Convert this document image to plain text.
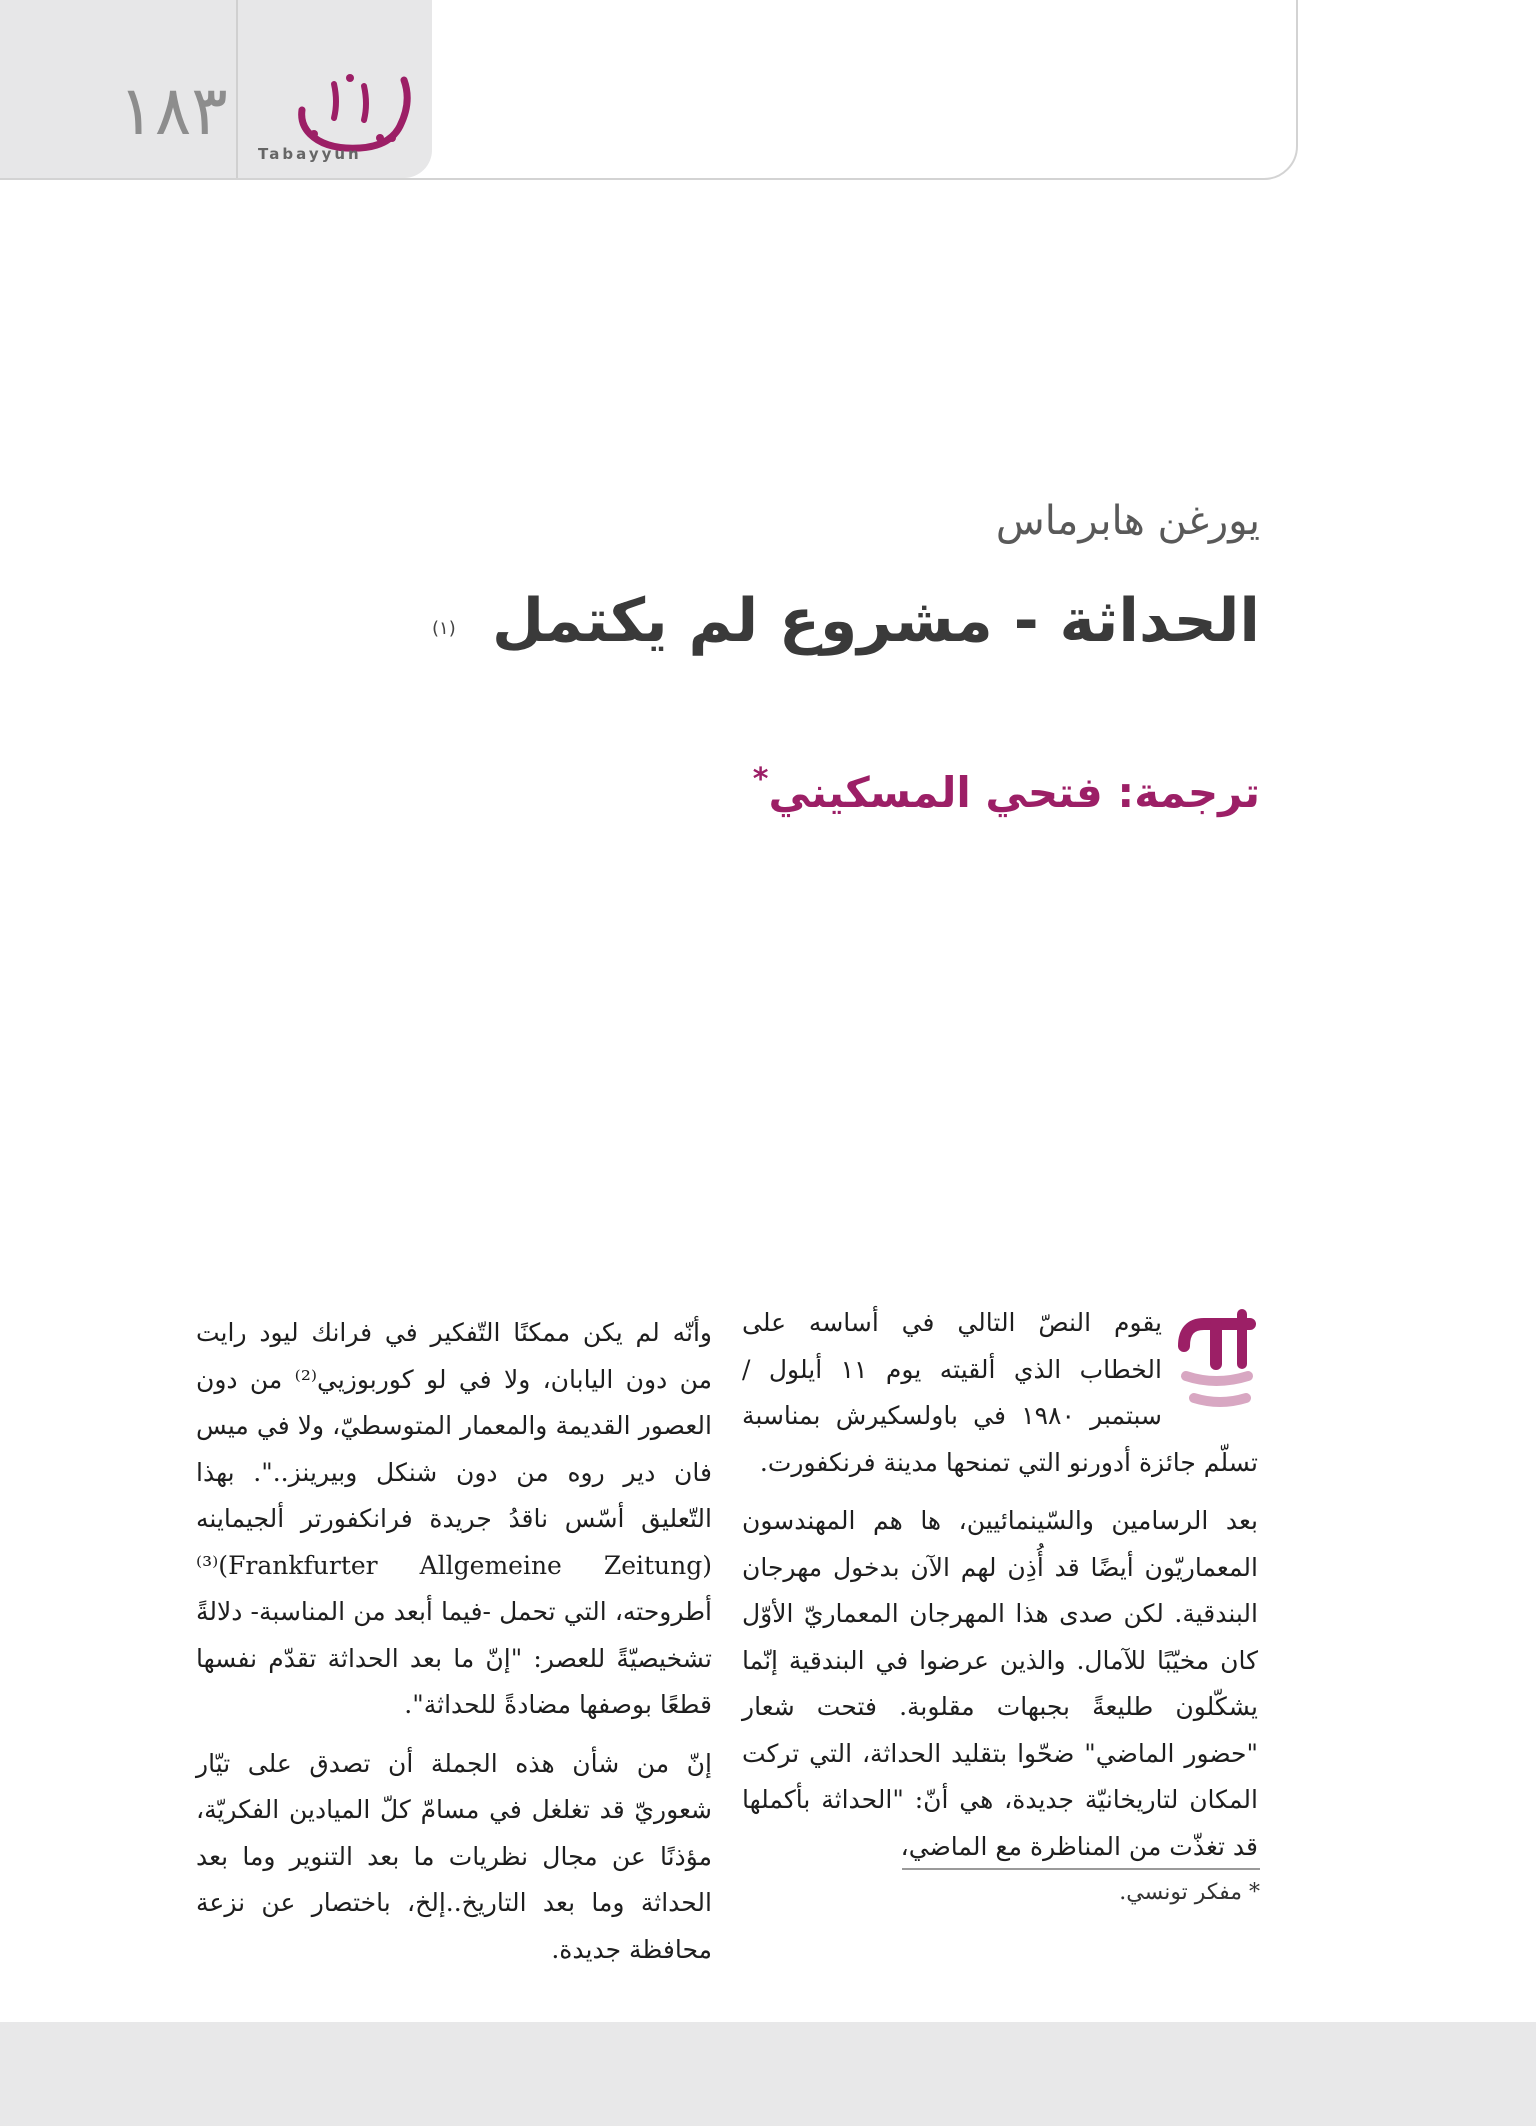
١٨٣
Tabayyun
يورغن هابرماس
الحداثة - مشروع لم يكتمل
(١)
ترجمة: فتحي المسكيني*

يقوم النصّ التالي في أساسه على الخطاب الذي ألقيته يوم ١١ أيلول / سبتمبر ١٩٨٠ في باولسكيرش بمناسبة تسلّم جائزة أدورنو التي تمنحها مدينة فرنكفورت.

بعد الرسامين والسّينمائيين، ها هم المهندسون المعماريّون أيضًا قد أُذِن لهم الآن بدخول مهرجان البندقية. لكن صدى هذا المهرجان المعماريّ الأوّل كان مخيّبًا للآمال. والذين عرضوا في البندقية إنّما يشكّلون طليعةً بجبهات مقلوبة. فتحت شعار "حضور الماضي" ضحّوا بتقليد الحداثة، التي تركت المكان لتاريخانيّة جديدة، هي أنّ: "الحداثة بأكملها قد تغذّت من المناظرة مع الماضي،

وأنّه لم يكن ممكنًا التّفكير في فرانك ليود رايت من دون اليابان، ولا في لو كوربوزيي⁽²⁾ من دون العصور القديمة والمعمار المتوسطيّ، ولا في ميس فان دير روه من دون شنكل وبيرينز..". بهذا التّعليق أسّس ناقدُ جريدة فرانكفورتر ألجيماينه (Frankfurter Allgemeine Zeitung)⁽³⁾ أطروحته، التي تحمل -فيما أبعد من المناسبة- دلالةً تشخيصيّةً للعصر: "إنّ ما بعد الحداثة تقدّم نفسها قطعًا بوصفها مضادةً للحداثة".

إنّ من شأن هذه الجملة أن تصدق على تيّار شعوريّ قد تغلغل في مسامّ كلّ الميادين الفكريّة، مؤذنًا عن مجال نظريات ما بعد التنوير وما بعد الحداثة وما بعد التاريخ..إلخ، باختصار عن نزعة محافظة جديدة.

* مفكر تونسي.
